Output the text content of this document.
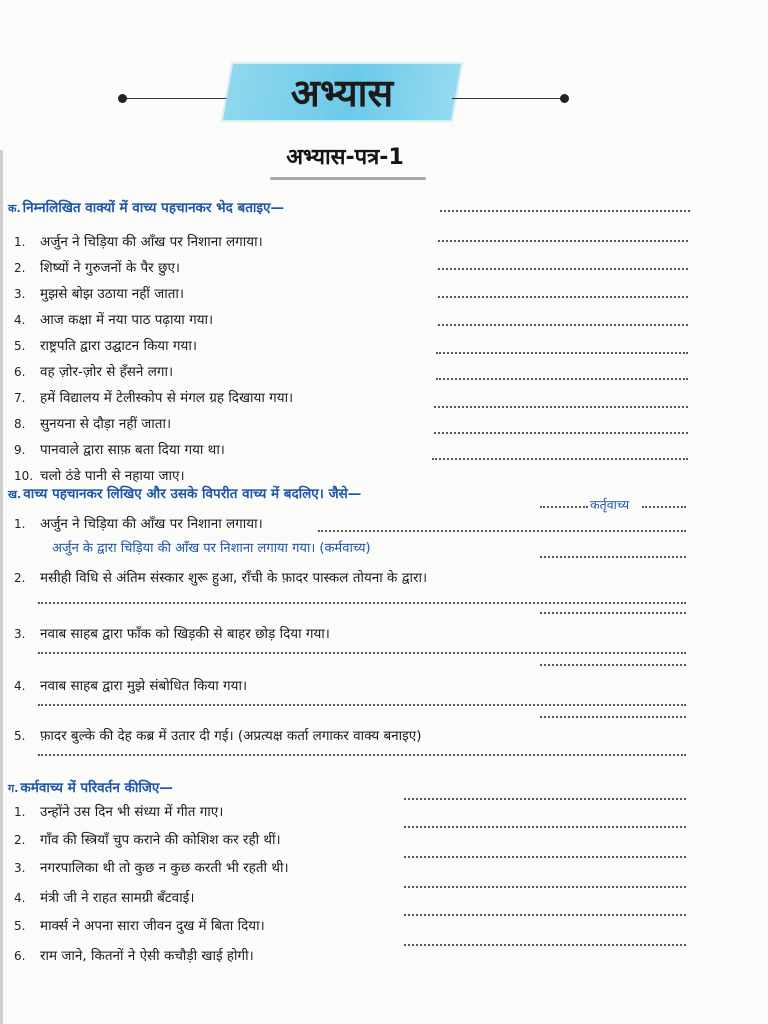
अभ्यास
अभ्यास-पत्र-1
क. निम्नलिखित वाक्यों में वाच्य पहचानकर भेद बताइए—
1. अर्जुन ने चिड़िया की आँख पर निशाना लगाया।
2. शिष्यों ने गुरुजनों के पैर छुए।
3. मुझसे बोझ उठाया नहीं जाता।
4. आज कक्षा में नया पाठ पढ़ाया गया।
5. राष्ट्रपति द्वारा उद्घाटन किया गया।
6. वह ज़ोर-ज़ोर से हँसने लगा।
7. हमें विद्यालय में टेलीस्कोप से मंगल ग्रह दिखाया गया।
8. सुनयना से दौड़ा नहीं जाता।
9. पानवाले द्वारा साफ़ बता दिया गया था।
10. चलो ठंडे पानी से नहाया जाए।
ख. वाच्य पहचानकर लिखिए और उसके विपरीत वाच्य में बदलिए। जैसे—
कर्तृवाच्य
1. अर्जुन ने चिड़िया की आँख पर निशाना लगाया।
अर्जुन के द्वारा चिड़िया की आँख पर निशाना लगाया गया। (कर्मवाच्य)
2. मसीही विधि से अंतिम संस्कार शुरू हुआ, राँची के फ़ादर पास्कल तोयना के द्वारा।
3. नवाब साहब द्वारा फाँक को खिड़की से बाहर छोड़ दिया गया।
4. नवाब साहब द्वारा मुझे संबोधित किया गया।
5. फ़ादर बुल्के की देह कब्र में उतार दी गई। (अप्रत्यक्ष कर्ता लगाकर वाक्य बनाइए)
ग. कर्मवाच्य में परिवर्तन कीजिए—
1. उन्होंने उस दिन भी संध्या में गीत गाए।
2. गाँव की स्त्रियाँ चुप कराने की कोशिश कर रही थीं।
3. नगरपालिका थी तो कुछ न कुछ करती भी रहती थी।
4. मंत्री जी ने राहत सामग्री बँटवाई।
5. मार्क्स ने अपना सारा जीवन दुख में बिता दिया।
6. राम जाने, कितनों ने ऐसी कचौड़ी खाई होगी।
